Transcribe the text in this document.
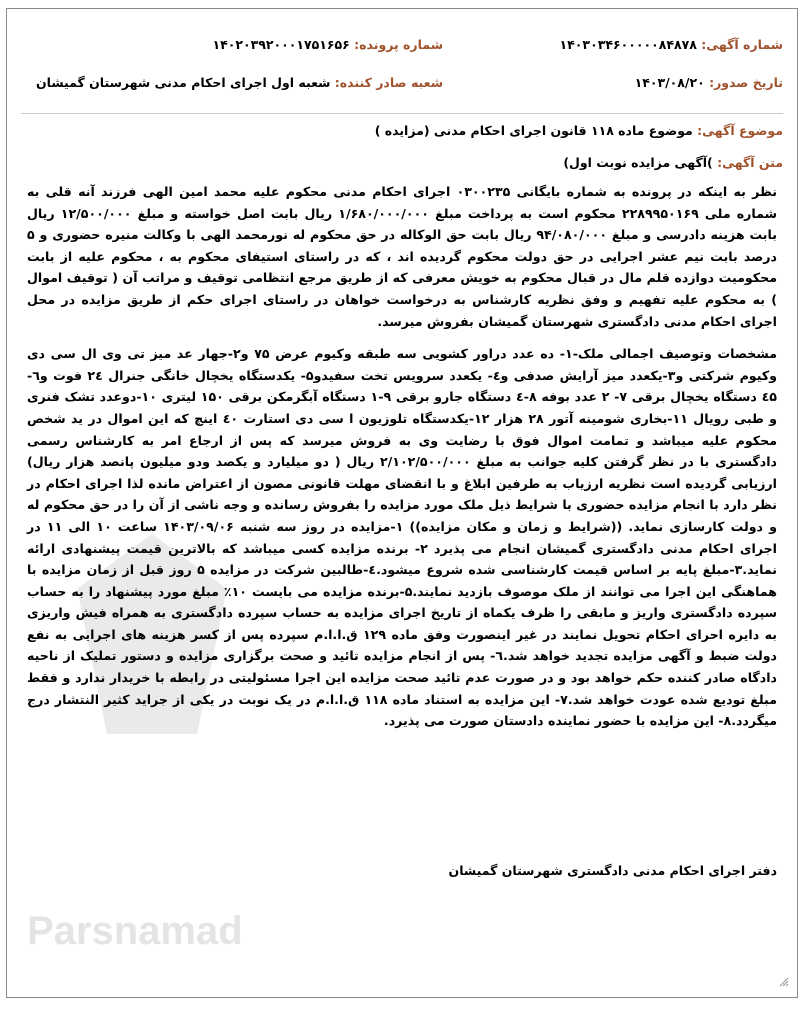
شماره آگهی: ۱۴۰۳۰۳۴۶۰۰۰۰۰۸۴۸۷۸
شماره پرونده: ۱۴۰۲۰۳۹۲۰۰۰۱۷۵۱۶۵۶
تاریخ صدور: ۱۴۰۳/۰۸/۲۰
شعبه صادر کننده: شعبه اول اجرای احکام مدنی شهرستان گمیشان
موضوع آگهی: موضوع ماده ۱۱۸ قانون اجرای احکام مدنی (مزایده )
متن آگهی: )آگهی مزایده نوبت اول)

نظر به اینکه در پرونده به شماره بایگانی ۰۳۰۰۲۳۵ اجرای احکام مدنی محکوم علیه محمد امین الهی فرزند آنه قلی به شماره ملی ۲۲۸۹۹۵۰۱۶۹ محکوم است به پرداخت مبلغ ۱/۶۸۰/۰۰۰/۰۰۰ ریال بابت اصل خواسته و مبلغ ۱۲/۵۰۰/۰۰۰ ریال بابت هزینه دادرسی و مبلغ ۹۴/۰۸۰/۰۰۰ ریال بابت حق الوکاله در حق محکوم له نورمحمد الهی با وکالت منیره حضوری و ۵ درصد بابت نیم عشر اجرایی در حق دولت محکوم گردیده اند ، که در راستای استیفای محکوم به ، محکوم علیه از بابت محکومیت دوازده قلم مال در قبال محکوم به خویش معرفی که از طریق مرجع انتظامی توقیف و مراتب آن ( توقیف اموال ) به محکوم علیه تفهیم و وفق نظریه کارشناس به درخواست خواهان در راستای اجرای حکم از طریق مزایده در محل اجرای احکام مدنی دادگستری شهرستان گمیشان بفروش میرسد.

مشخصات وتوصیف اجمالی ملک-۱- ده عدد دراور کشویی سه طبقه وکیوم عرض ۷۵ و۲-جهار عد میز تی وی ال سی دی وکیوم شرکتی و۳-یکعدد میز آرایش صدفی و٤- یکعدد سرویس تخت سفیدو۵- یکدستگاه یخچال خانگی جنرال ۲٤ فوت و٦- ٤۵ دستگاه یخچال برقی ۷- ۲ عدد بوفه ۸-٤ دستگاه جارو برقی ۹-۱ دستگاه آبگرمکن برقی ۱۵۰ لیتری ۱۰-دوعدد تشک فنری و طبی رویال ۱۱-بخاری شومینه آتور ۲۸ هزار ۱۲-یکدستگاه تلوزیون ا سی دی استارت ٤۰ اینچ که این اموال در ید شخص محکوم علیه میباشد و تمامت اموال فوق با رضایت وی به فروش میرسد که پس از ارجاع امر به کارشناس رسمی دادگستری با در نظر گرفتن کلیه جوانب به مبلغ ۲/۱۰۲/۵۰۰/۰۰۰ ریال ( دو میلیارد و یکصد ودو میلیون پانصد هزار ریال) ارزیابی گردیده است نظریه ارزیاب به طرفین ابلاغ و با انقضای مهلت قانونی مصون از اعتراض مانده لذا اجرای احکام در نظر دارد با انجام مزایده حضوری با شرایط ذیل ملک مورد مزایده را بفروش رسانده و وجه ناشی از آن را در حق محکوم له و دولت کارسازی نماید. ((شرایط و زمان و مکان مزایده)) ۱-مزایده در روز سه شنبه ۱۴۰۳/۰۹/۰۶ ساعت ۱۰ الی ۱۱ در اجرای احکام مدنی دادگستری گمیشان انجام می پذیرد ۲- برنده مزایده کسی میباشد که بالاترین قیمت پیشنهادی ارائه نماید.۳-مبلغ پایه بر اساس قیمت کارشناسی شده شروع میشود.٤-طالبین شرکت در مزایده ۵ روز قبل از زمان مزایده با هماهنگی این اجرا می توانند از ملک موصوف بازدید نمایند.۵-برنده مزایده می بایست ۱۰٪ مبلغ مورد پیشنهاد را به حساب سپرده دادگستری واریز و مابقی را ظرف یکماه از تاریخ اجرای مزایده به حساب سپرده دادگستری به همراه فیش واریزی به دایره احرای احکام تحویل نمایند در غیر اینصورت وفق ماده ۱۲۹ ق.ا.ا.م سپرده پس از کسر هزینه های اجرایی به نفع دولت ضبط و آگهی مزایده تجدید خواهد شد.٦- پس از انجام مزایده تائید و صحت برگزاری مزایده و دستور تملیک از ناحیه دادگاه صادر کننده حکم خواهد بود و در صورت عدم تائید صحت مزایده این اجرا مسئولیتی در رابطه با خریدار ندارد و فقط مبلغ تودیع شده عودت خواهد شد.۷- این مزایده به استناد ماده ۱۱۸ ق.ا.ا.م در یک نوبت در یکی از جراید کثیر النتشار درج میگردد.۸- این مزایده با حضور نماینده دادستان صورت می پذیرد.

دفتر اجرای احکام مدنی دادگستری شهرستان گمیشان
Parsnamad
